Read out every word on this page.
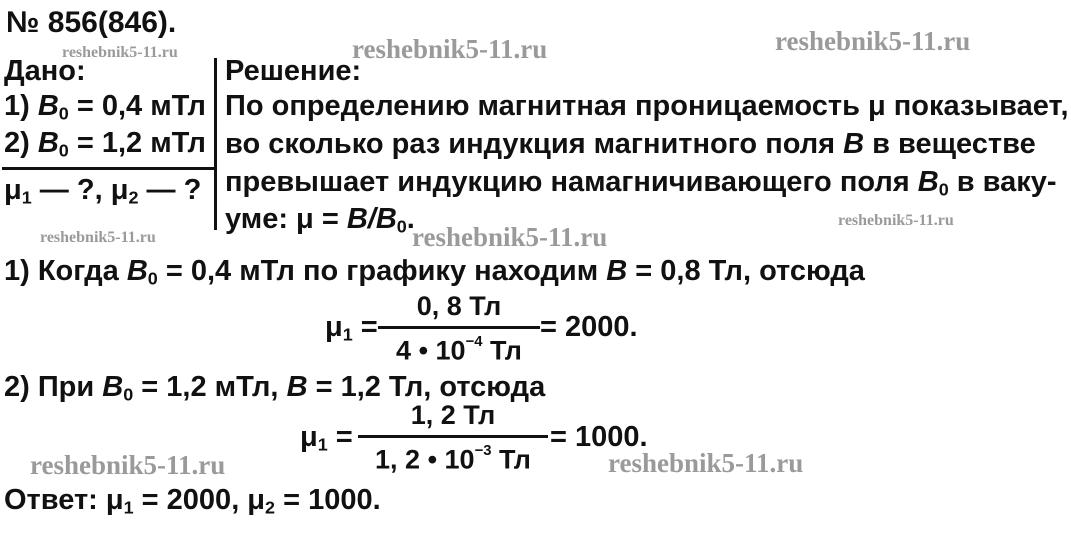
№ 856(846).
reshebnik5-11.ru	reshebnik5-11.ru	reshebnik5-11.ru
reshebnik5-11.ru
reshebnik5-11.ru	reshebnik5-11.ru
reshebnik5-11.ru	reshebnik5-11.ru
Дано:
1) $B_0 = 0,4$ мТл
2) $B_0 = 1,2$ мТл
$\mu_1$ — ?, $\mu_2$ — ?
Решение:
По определению магнитная проницаемость μ показывает,
во сколько раз индукция магнитного поля B в веществе
превышает индукцию намагничивающего поля $B_0$ в ваку-
уме: $\mu = B/B_0$.
1) Когда $B_0 = 0,4$ мТл по графику находим B = 0,8 Тл, отсюда
$\mu_1$ =
0, 8 Тл
4 • $10^{-4}$ Тл
= 2000.
2) При $B_0 = 1,2$ мТл, B = 1,2 Тл, отсюда
$\mu_1$ =
1, 2 Тл
1, 2 • $10^{-3}$ Тл
= 1000.
Ответ: $\mu_1 = 2000$, $\mu_2 = 1000$.
